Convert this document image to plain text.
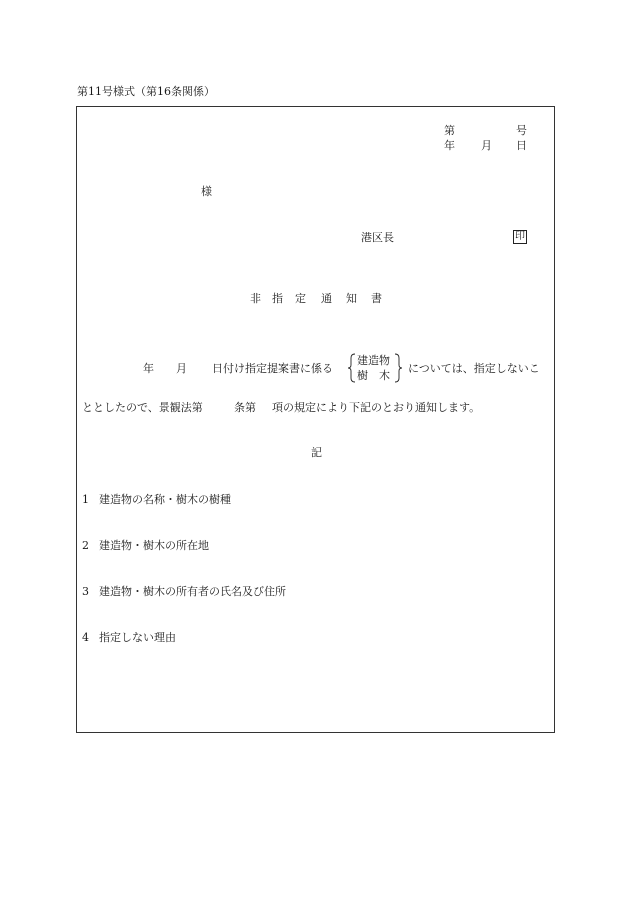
第11号様式（第16条関係）
第	号
年 月 日
様
港区長	印
非 指 定 通 知 書
年 月 日付け指定提案書に係る
建造物
樹　木
については、指定しないこ
ととしたので、景観法第	条第 項の規定により下記のとおり通知します。
記
1 建造物の名称・樹木の樹種
2 建造物・樹木の所在地
3 建造物・樹木の所有者の氏名及び住所
4 指定しない理由
